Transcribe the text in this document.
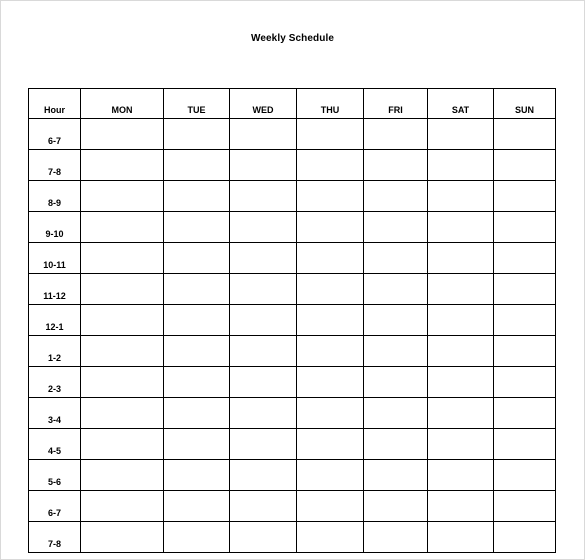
Weekly Schedule
Hour	MON	TUE	WED	THU	FRI	SAT	SUN
6-7							
7-8							
8-9							
9-10							
10-11							
11-12							
12-1							
1-2							
2-3							
3-4							
4-5							
5-6							
6-7							
7-8							
